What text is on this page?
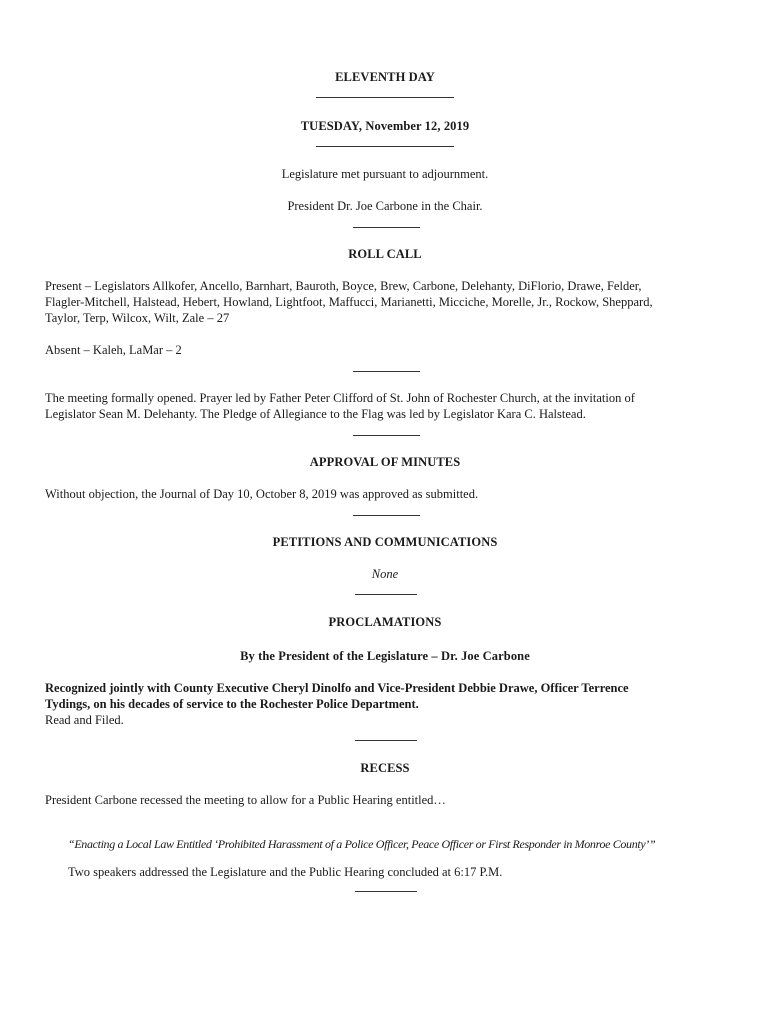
ELEVENTH DAY
TUESDAY, November 12, 2019
Legislature met pursuant to adjournment.
President Dr. Joe Carbone in the Chair.
ROLL CALL
Present – Legislators Allkofer, Ancello, Barnhart, Bauroth, Boyce, Brew, Carbone, Delehanty, DiFlorio, Drawe, Felder,
Flagler-Mitchell, Halstead, Hebert, Howland, Lightfoot, Maffucci, Marianetti, Micciche, Morelle, Jr., Rockow, Sheppard,
Taylor, Terp, Wilcox, Wilt, Zale – 27
Absent – Kaleh, LaMar – 2
The meeting formally opened. Prayer led by Father Peter Clifford of St. John of Rochester Church, at the invitation of
Legislator Sean M. Delehanty. The Pledge of Allegiance to the Flag was led by Legislator Kara C. Halstead.
APPROVAL OF MINUTES
Without objection, the Journal of Day 10, October 8, 2019 was approved as submitted.
PETITIONS AND COMMUNICATIONS
None
PROCLAMATIONS
By the President of the Legislature – Dr. Joe Carbone
Recognized jointly with County Executive Cheryl Dinolfo and Vice-President Debbie Drawe, Officer Terrence
Tydings, on his decades of service to the Rochester Police Department.
Read and Filed.
RECESS
President Carbone recessed the meeting to allow for a Public Hearing entitled…
“Enacting a Local Law Entitled ‘Prohibited Harassment of a Police Officer, Peace Officer or First Responder in Monroe County’”
Two speakers addressed the Legislature and the Public Hearing concluded at 6:17 P.M.
